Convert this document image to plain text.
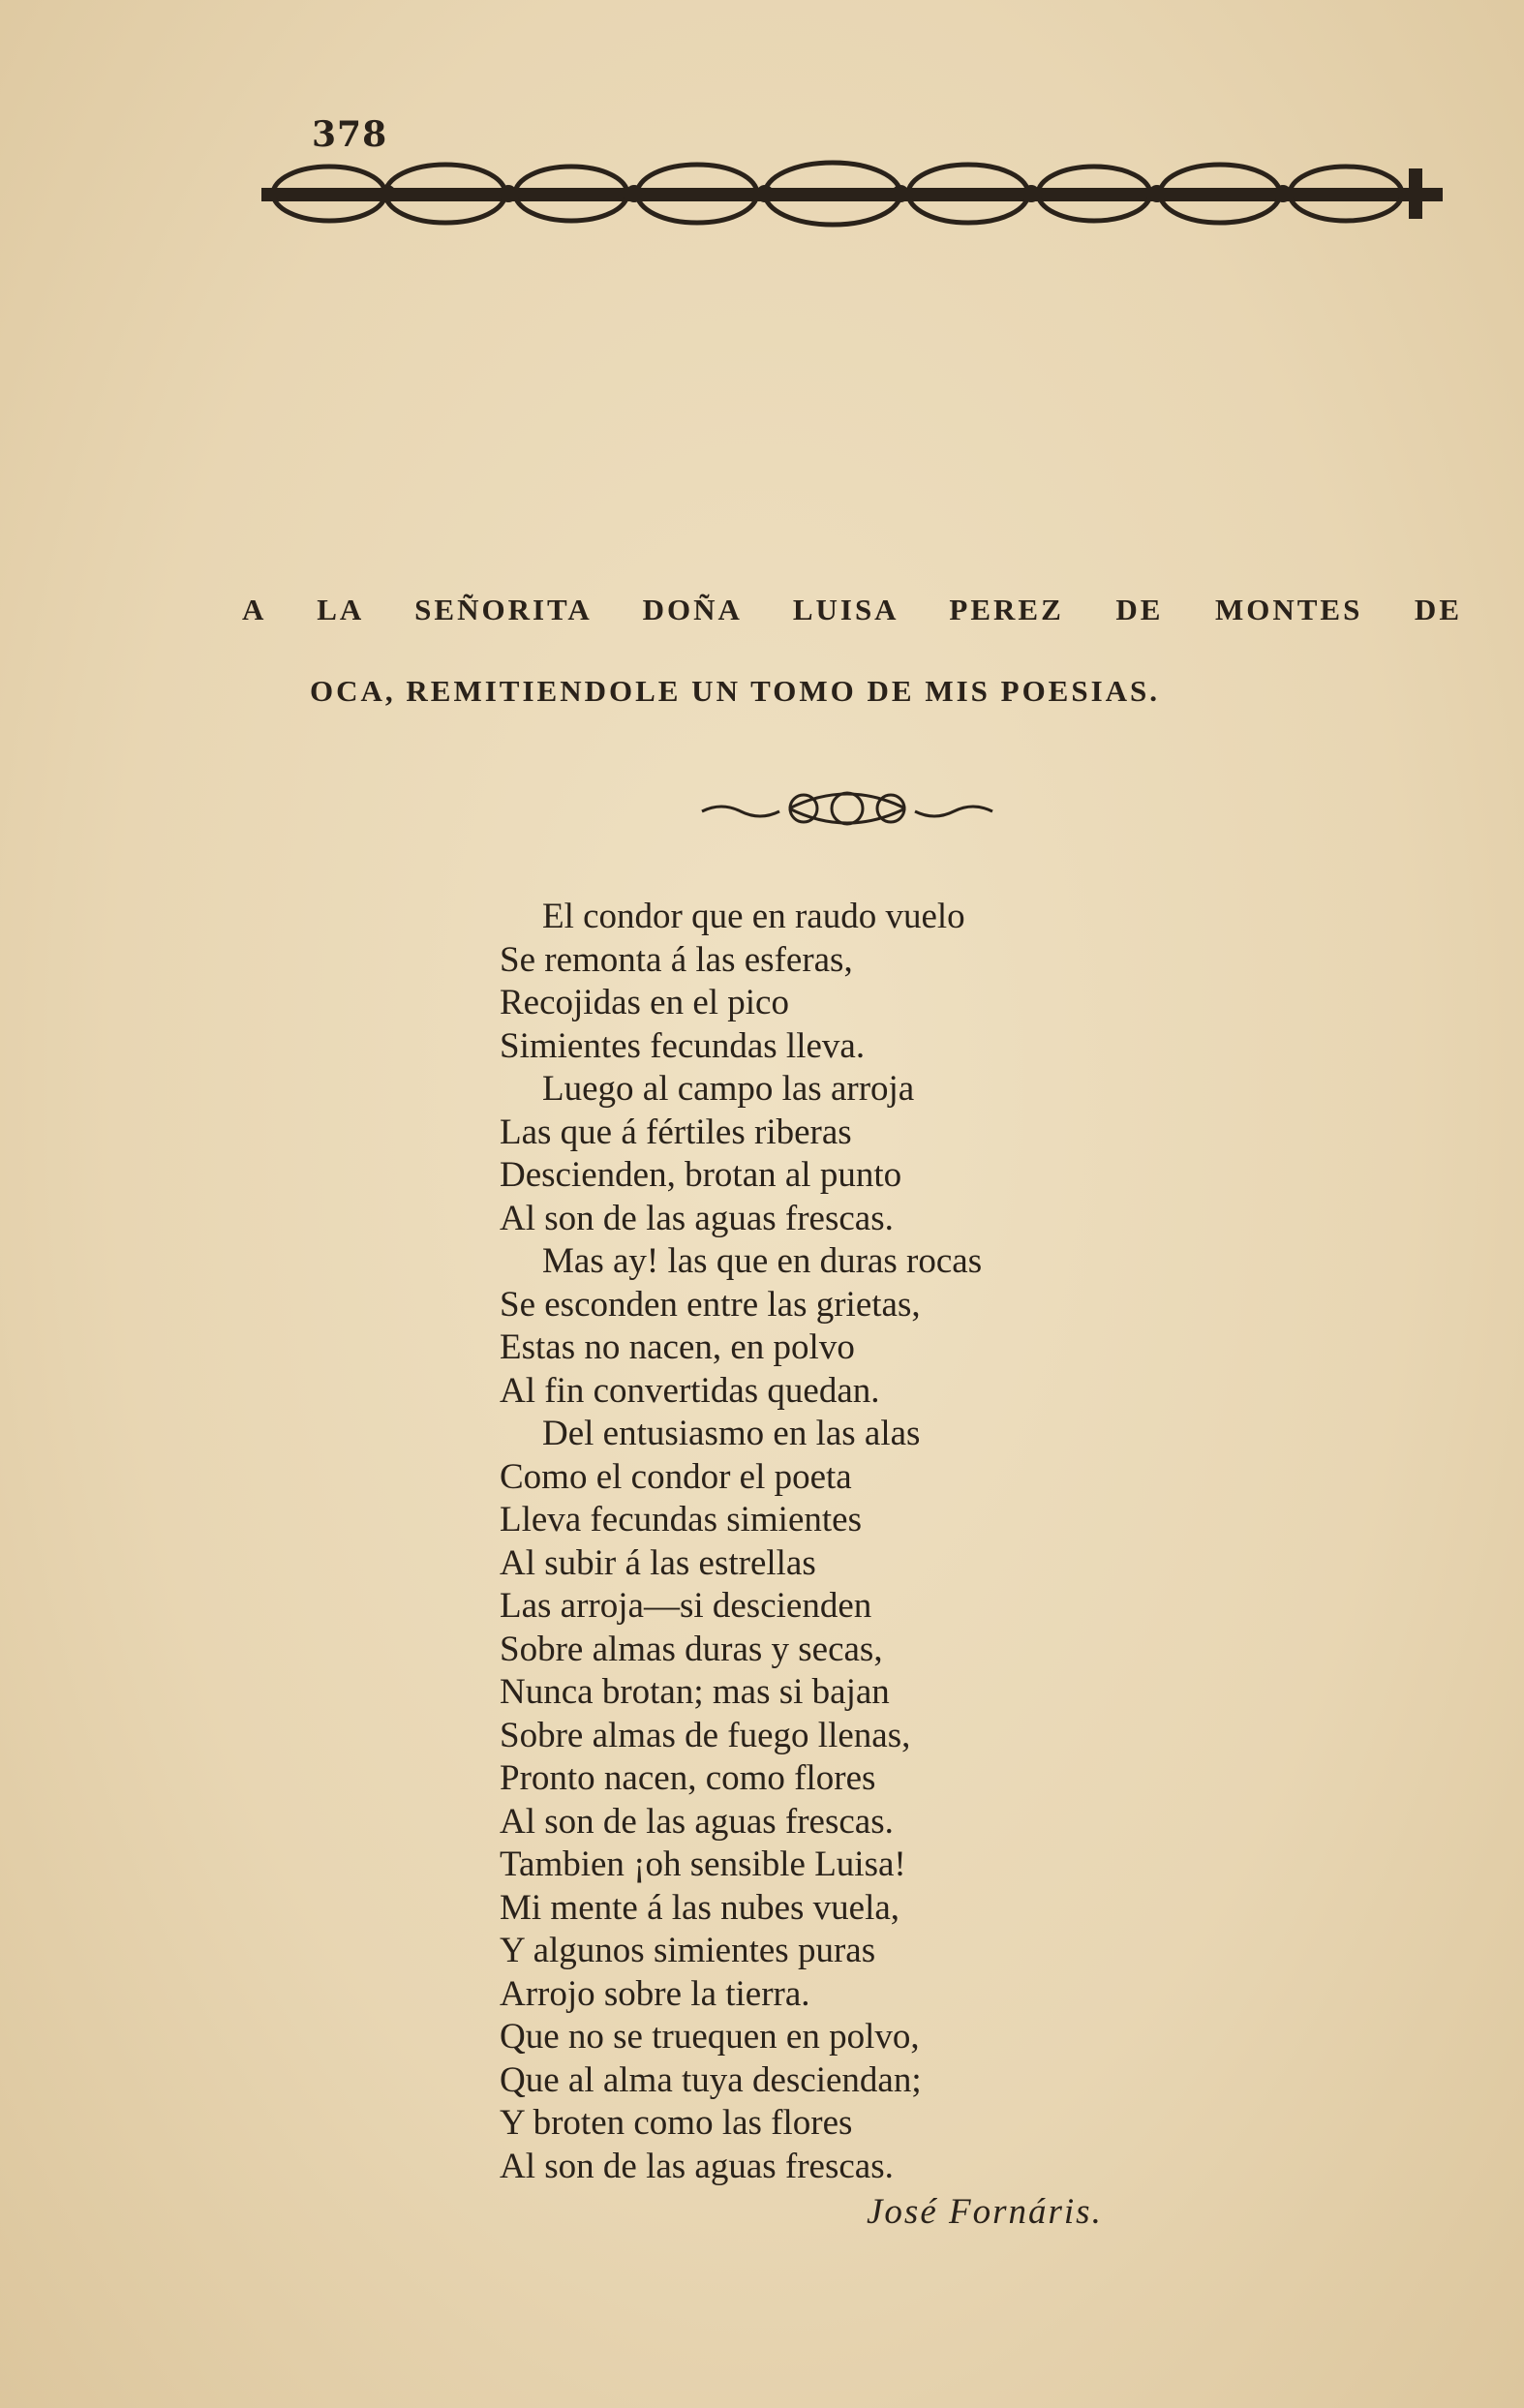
378
A LA SEÑORITA DOÑA LUISA PEREZ DE MONTES DE
OCA, REMITIENDOLE UN TOMO DE MIS POESIAS.
El condor que en raudo vuelo
Se remonta á las esferas,
Recojidas en el pico
Simientes fecundas lleva.
Luego al campo las arroja
Las que á fértiles riberas
Descienden, brotan al punto
Al son de las aguas frescas.
Mas ay! las que en duras rocas
Se esconden entre las grietas,
Estas no nacen, en polvo
Al fin convertidas quedan.
Del entusiasmo en las alas
Como el condor el poeta
Lleva fecundas simientes
Al subir á las estrellas
Las arroja—si descienden
Sobre almas duras y secas,
Nunca brotan; mas si bajan
Sobre almas de fuego llenas,
Pronto nacen, como flores
Al son de las aguas frescas.
Tambien ¡oh sensible Luisa!
Mi mente á las nubes vuela,
Y algunos simientes puras
Arrojo sobre la tierra.
Que no se truequen en polvo,
Que al alma tuya desciendan;
Y broten como las flores
Al son de las aguas frescas.
José Fornáris.
